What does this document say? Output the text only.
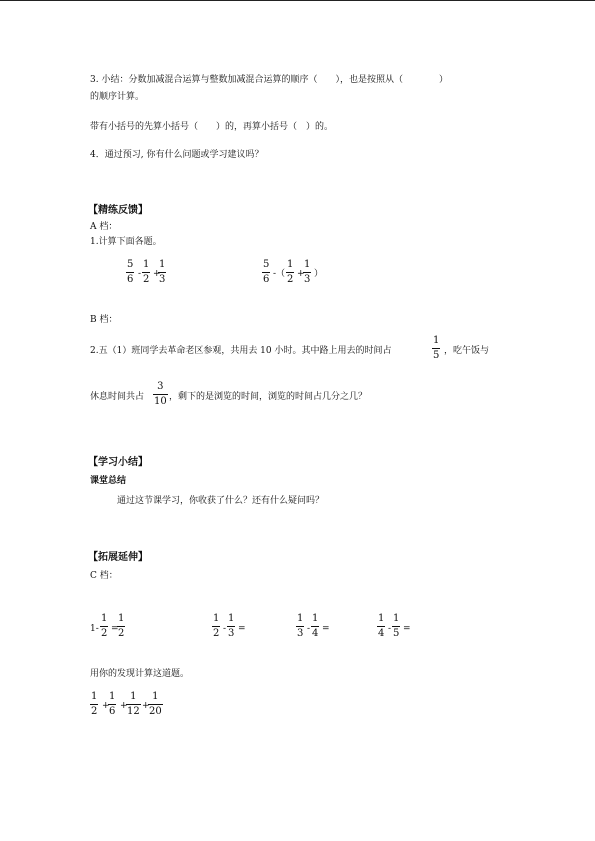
3. 小结：分数加减混合运算与整数加减混合运算的顺序（　　），也是按照从（　　　　）
的顺序计算。
带有小括号的先算小括号（　　）的，再算小括号（　）的。
4．通过预习, 你有什么问题或学习建议吗？
【精练反馈】
A 档：
1.计算下面各题。
5
6 -
1
2 +
1
3
5
6 -（
1
2 +
1
3 ）
B 档：
2.五（1）班同学去革命老区参观，共用去 10 小时。其中路上用去的时间占
1
5 ，吃午饭与
休息时间共占
3
10 ，剩下的是浏览的时间，浏览的时间占几分之几？
【学习小结】
课堂总结
通过这节课学习，你收获了什么？还有什么疑问吗？
【拓展延伸】
C 档：
1-
1
2 =
1
2
1
2 -
1
3 =
1
3 -
1
4 =
1
4 -
1
5 =
用你的发现计算这道题。
1
2 +
1
6 +
1
12 +
1
20
